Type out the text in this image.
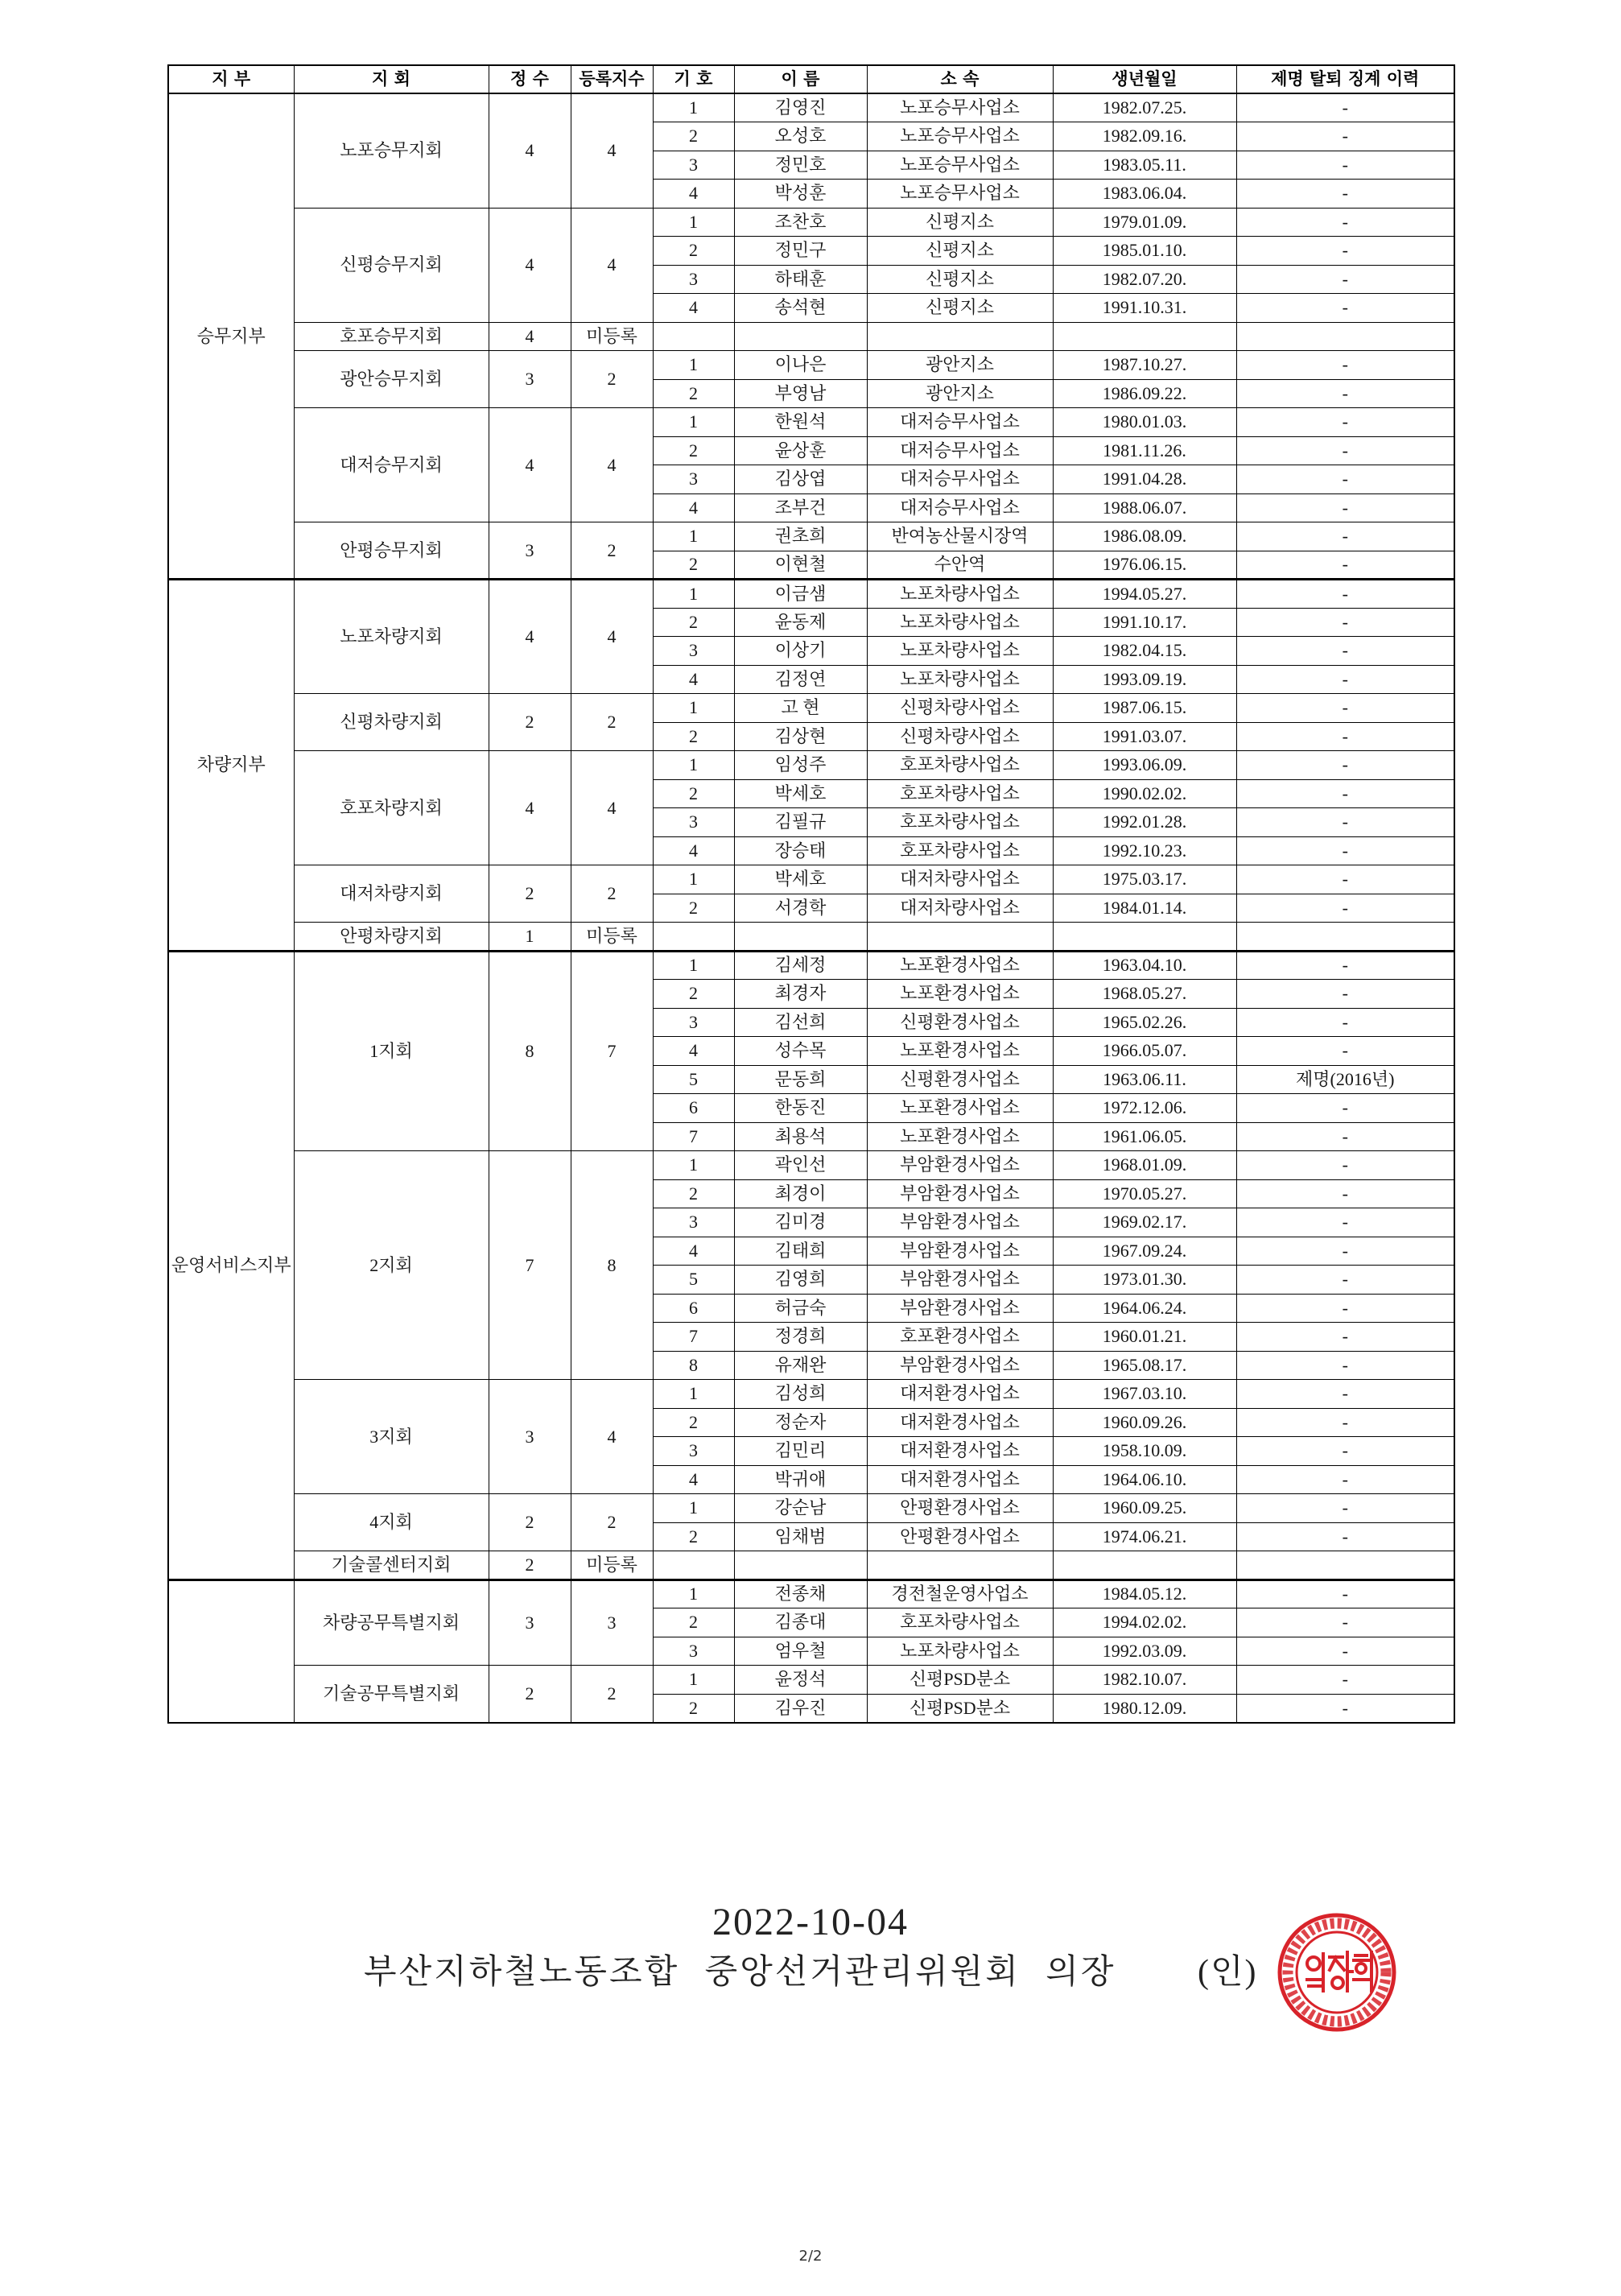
지 부	지 회	정 수	등록지수	기 호	이 름	소 속	생년월일	제명 탈퇴 징계 이력
승무지부	노포승무지회	4	4	1	김영진	노포승무사업소	1982.07.25.	-
				2	오성호	노포승무사업소	1982.09.16.	-
				3	정민호	노포승무사업소	1983.05.11.	-
				4	박성훈	노포승무사업소	1983.06.04.	-
	신평승무지회	4	4	1	조찬호	신평지소	1979.01.09.	-
				2	정민구	신평지소	1985.01.10.	-
				3	하태훈	신평지소	1982.07.20.	-
				4	송석현	신평지소	1991.10.31.	-
	호포승무지회	4	미등록					
	광안승무지회	3	2	1	이나은	광안지소	1987.10.27.	-
				2	부영남	광안지소	1986.09.22.	-
	대저승무지회	4	4	1	한원석	대저승무사업소	1980.01.03.	-
				2	윤상훈	대저승무사업소	1981.11.26.	-
				3	김상엽	대저승무사업소	1991.04.28.	-
				4	조부건	대저승무사업소	1988.06.07.	-
	안평승무지회	3	2	1	권초희	반여농산물시장역	1986.08.09.	-
				2	이현철	수안역	1976.06.15.	-
차량지부	노포차량지회	4	4	1	이금샘	노포차량사업소	1994.05.27.	-
				2	윤동제	노포차량사업소	1991.10.17.	-
				3	이상기	노포차량사업소	1982.04.15.	-
				4	김정연	노포차량사업소	1993.09.19.	-
	신평차량지회	2	2	1	고 현	신평차량사업소	1987.06.15.	-
				2	김상현	신평차량사업소	1991.03.07.	-
	호포차량지회	4	4	1	임성주	호포차량사업소	1993.06.09.	-
				2	박세호	호포차량사업소	1990.02.02.	-
				3	김필규	호포차량사업소	1992.01.28.	-
				4	장승태	호포차량사업소	1992.10.23.	-
	대저차량지회	2	2	1	박세호	대저차량사업소	1975.03.17.	-
				2	서경학	대저차량사업소	1984.01.14.	-
	안평차량지회	1	미등록					
운영서비스지부	1지회	8	7	1	김세정	노포환경사업소	1963.04.10.	-
				2	최경자	노포환경사업소	1968.05.27.	-
				3	김선희	신평환경사업소	1965.02.26.	-
				4	성수목	노포환경사업소	1966.05.07.	-
				5	문동희	신평환경사업소	1963.06.11.	제명(2016년)
				6	한동진	노포환경사업소	1972.12.06.	-
				7	최용석	노포환경사업소	1961.06.05.	-
	2지회	7	8	1	곽인선	부암환경사업소	1968.01.09.	-
				2	최경이	부암환경사업소	1970.05.27.	-
				3	김미경	부암환경사업소	1969.02.17.	-
				4	김태희	부암환경사업소	1967.09.24.	-
				5	김영희	부암환경사업소	1973.01.30.	-
				6	허금숙	부암환경사업소	1964.06.24.	-
				7	정경희	호포환경사업소	1960.01.21.	-
				8	유재완	부암환경사업소	1965.08.17.	-
	3지회	3	4	1	김성희	대저환경사업소	1967.03.10.	-
				2	정순자	대저환경사업소	1960.09.26.	-
				3	김민리	대저환경사업소	1958.10.09.	-
				4	박귀애	대저환경사업소	1964.06.10.	-
	4지회	2	2	1	강순남	안평환경사업소	1960.09.25.	-
				2	임채범	안평환경사업소	1974.06.21.	-
	기술콜센터지회	2	미등록					
	차량공무특별지회	3	3	1	전종채	경전철운영사업소	1984.05.12.	-
				2	김종대	호포차량사업소	1994.02.02.	-
				3	엄우철	노포차량사업소	1992.03.09.	-
	기술공무특별지회	2	2	1	윤정석	신평PSD분소	1982.10.07.	-
				2	김우진	신평PSD분소	1980.12.09.	-
2022-10-04
부산지하철노동조합 중앙선거관리위원회 의장 (인)
2/2
